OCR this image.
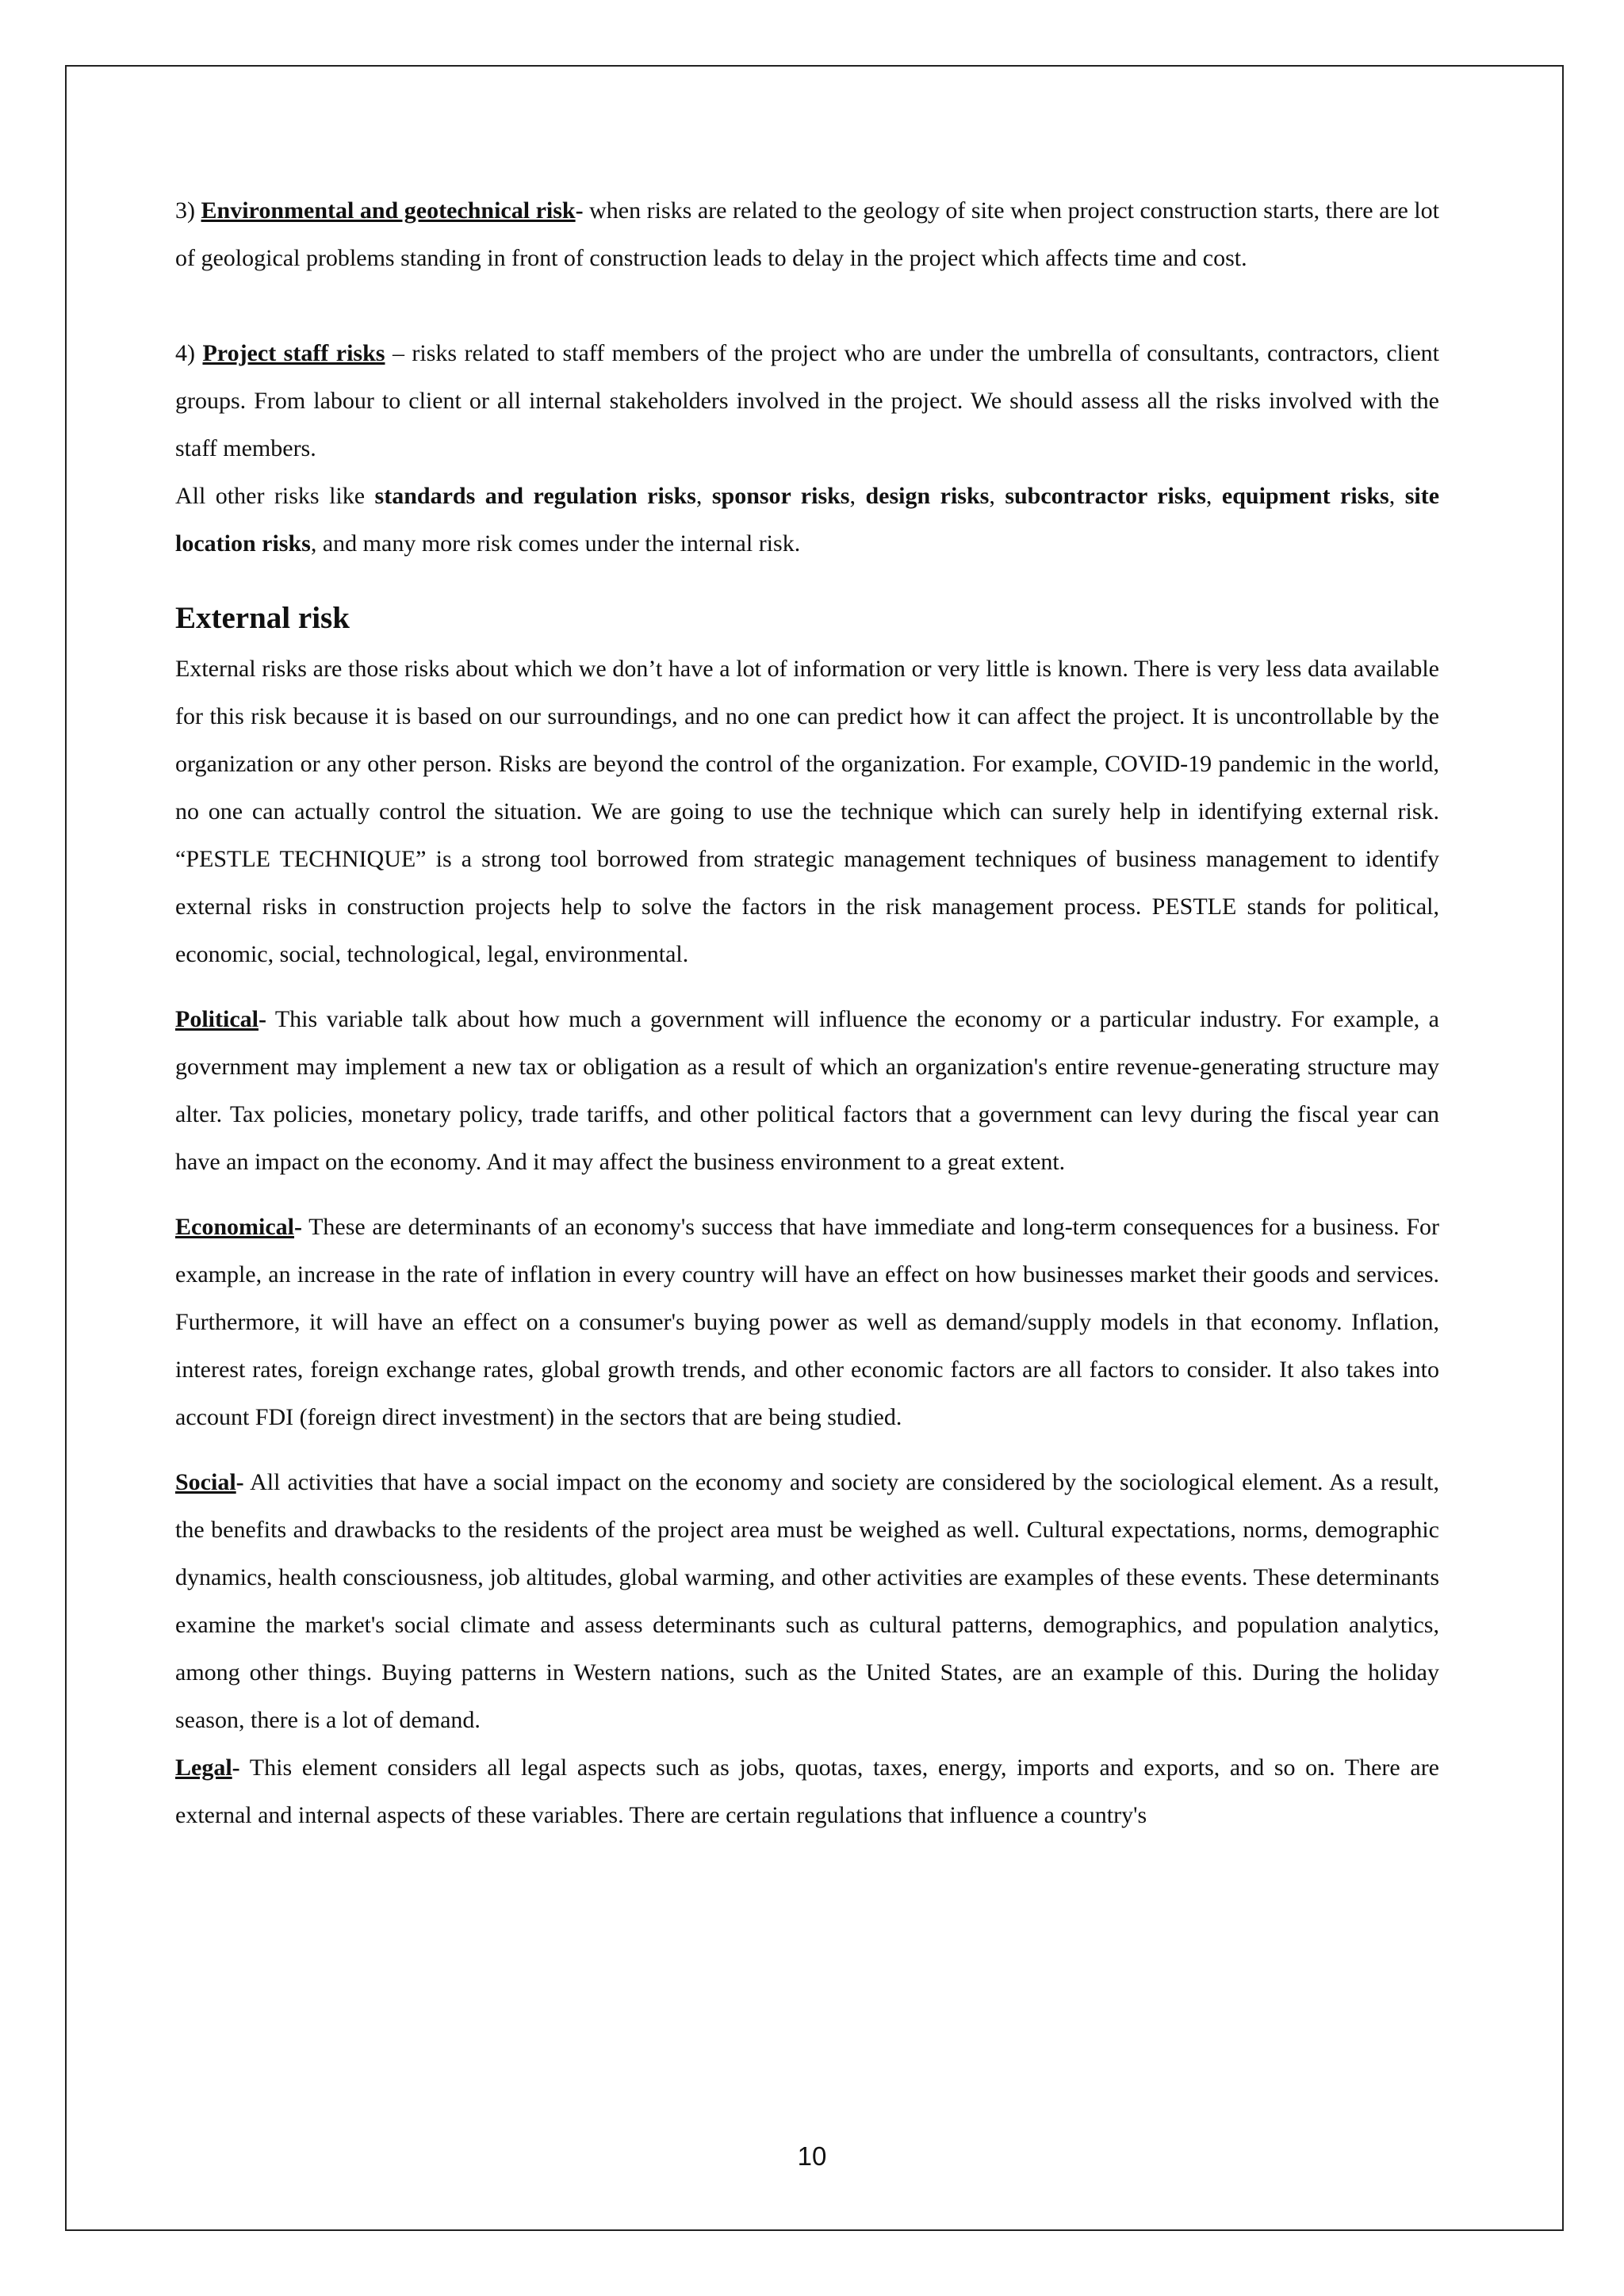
3) Environmental and geotechnical risk- when risks are related to the geology of site when project construction starts, there are lot of geological problems standing in front of construction leads to delay in the project which affects time and cost.

4) Project staff risks – risks related to staff members of the project who are under the umbrella of consultants, contractors, client groups. From labour to client or all internal stakeholders involved in the project. We should assess all the risks involved with the staff members.

All other risks like standards and regulation risks, sponsor risks, design risks, subcontractor risks, equipment risks, site location risks, and many more risk comes under the internal risk.

External risk

External risks are those risks about which we don’t have a lot of information or very little is known. There is very less data available for this risk because it is based on our surroundings, and no one can predict how it can affect the project. It is uncontrollable by the organization or any other person. Risks are beyond the control of the organization. For example, COVID-19 pandemic in the world, no one can actually control the situation. We are going to use the technique which can surely help in identifying external risk. “PESTLE TECHNIQUE” is a strong tool borrowed from strategic management techniques of business management to identify external risks in construction projects help to solve the factors in the risk management process. PESTLE stands for political, economic, social, technological, legal, environmental.

Political- This variable talk about how much a government will influence the economy or a particular industry. For example, a government may implement a new tax or obligation as a result of which an organization's entire revenue-generating structure may alter. Tax policies, monetary policy, trade tariffs, and other political factors that a government can levy during the fiscal year can have an impact on the economy. And it may affect the business environment to a great extent.

Economical- These are determinants of an economy's success that have immediate and long-term consequences for a business. For example, an increase in the rate of inflation in every country will have an effect on how businesses market their goods and services. Furthermore, it will have an effect on a consumer's buying power as well as demand/supply models in that economy. Inflation, interest rates, foreign exchange rates, global growth trends, and other economic factors are all factors to consider. It also takes into account FDI (foreign direct investment) in the sectors that are being studied.

Social- All activities that have a social impact on the economy and society are considered by the sociological element. As a result, the benefits and drawbacks to the residents of the project area must be weighed as well. Cultural expectations, norms, demographic dynamics, health consciousness, job altitudes, global warming, and other activities are examples of these events. These determinants examine the market's social climate and assess determinants such as cultural patterns, demographics, and population analytics, among other things. Buying patterns in Western nations, such as the United States, are an example of this. During the holiday season, there is a lot of demand.

Legal- This element considers all legal aspects such as jobs, quotas, taxes, energy, imports and exports, and so on. There are external and internal aspects of these variables. There are certain regulations that influence a country's

10
